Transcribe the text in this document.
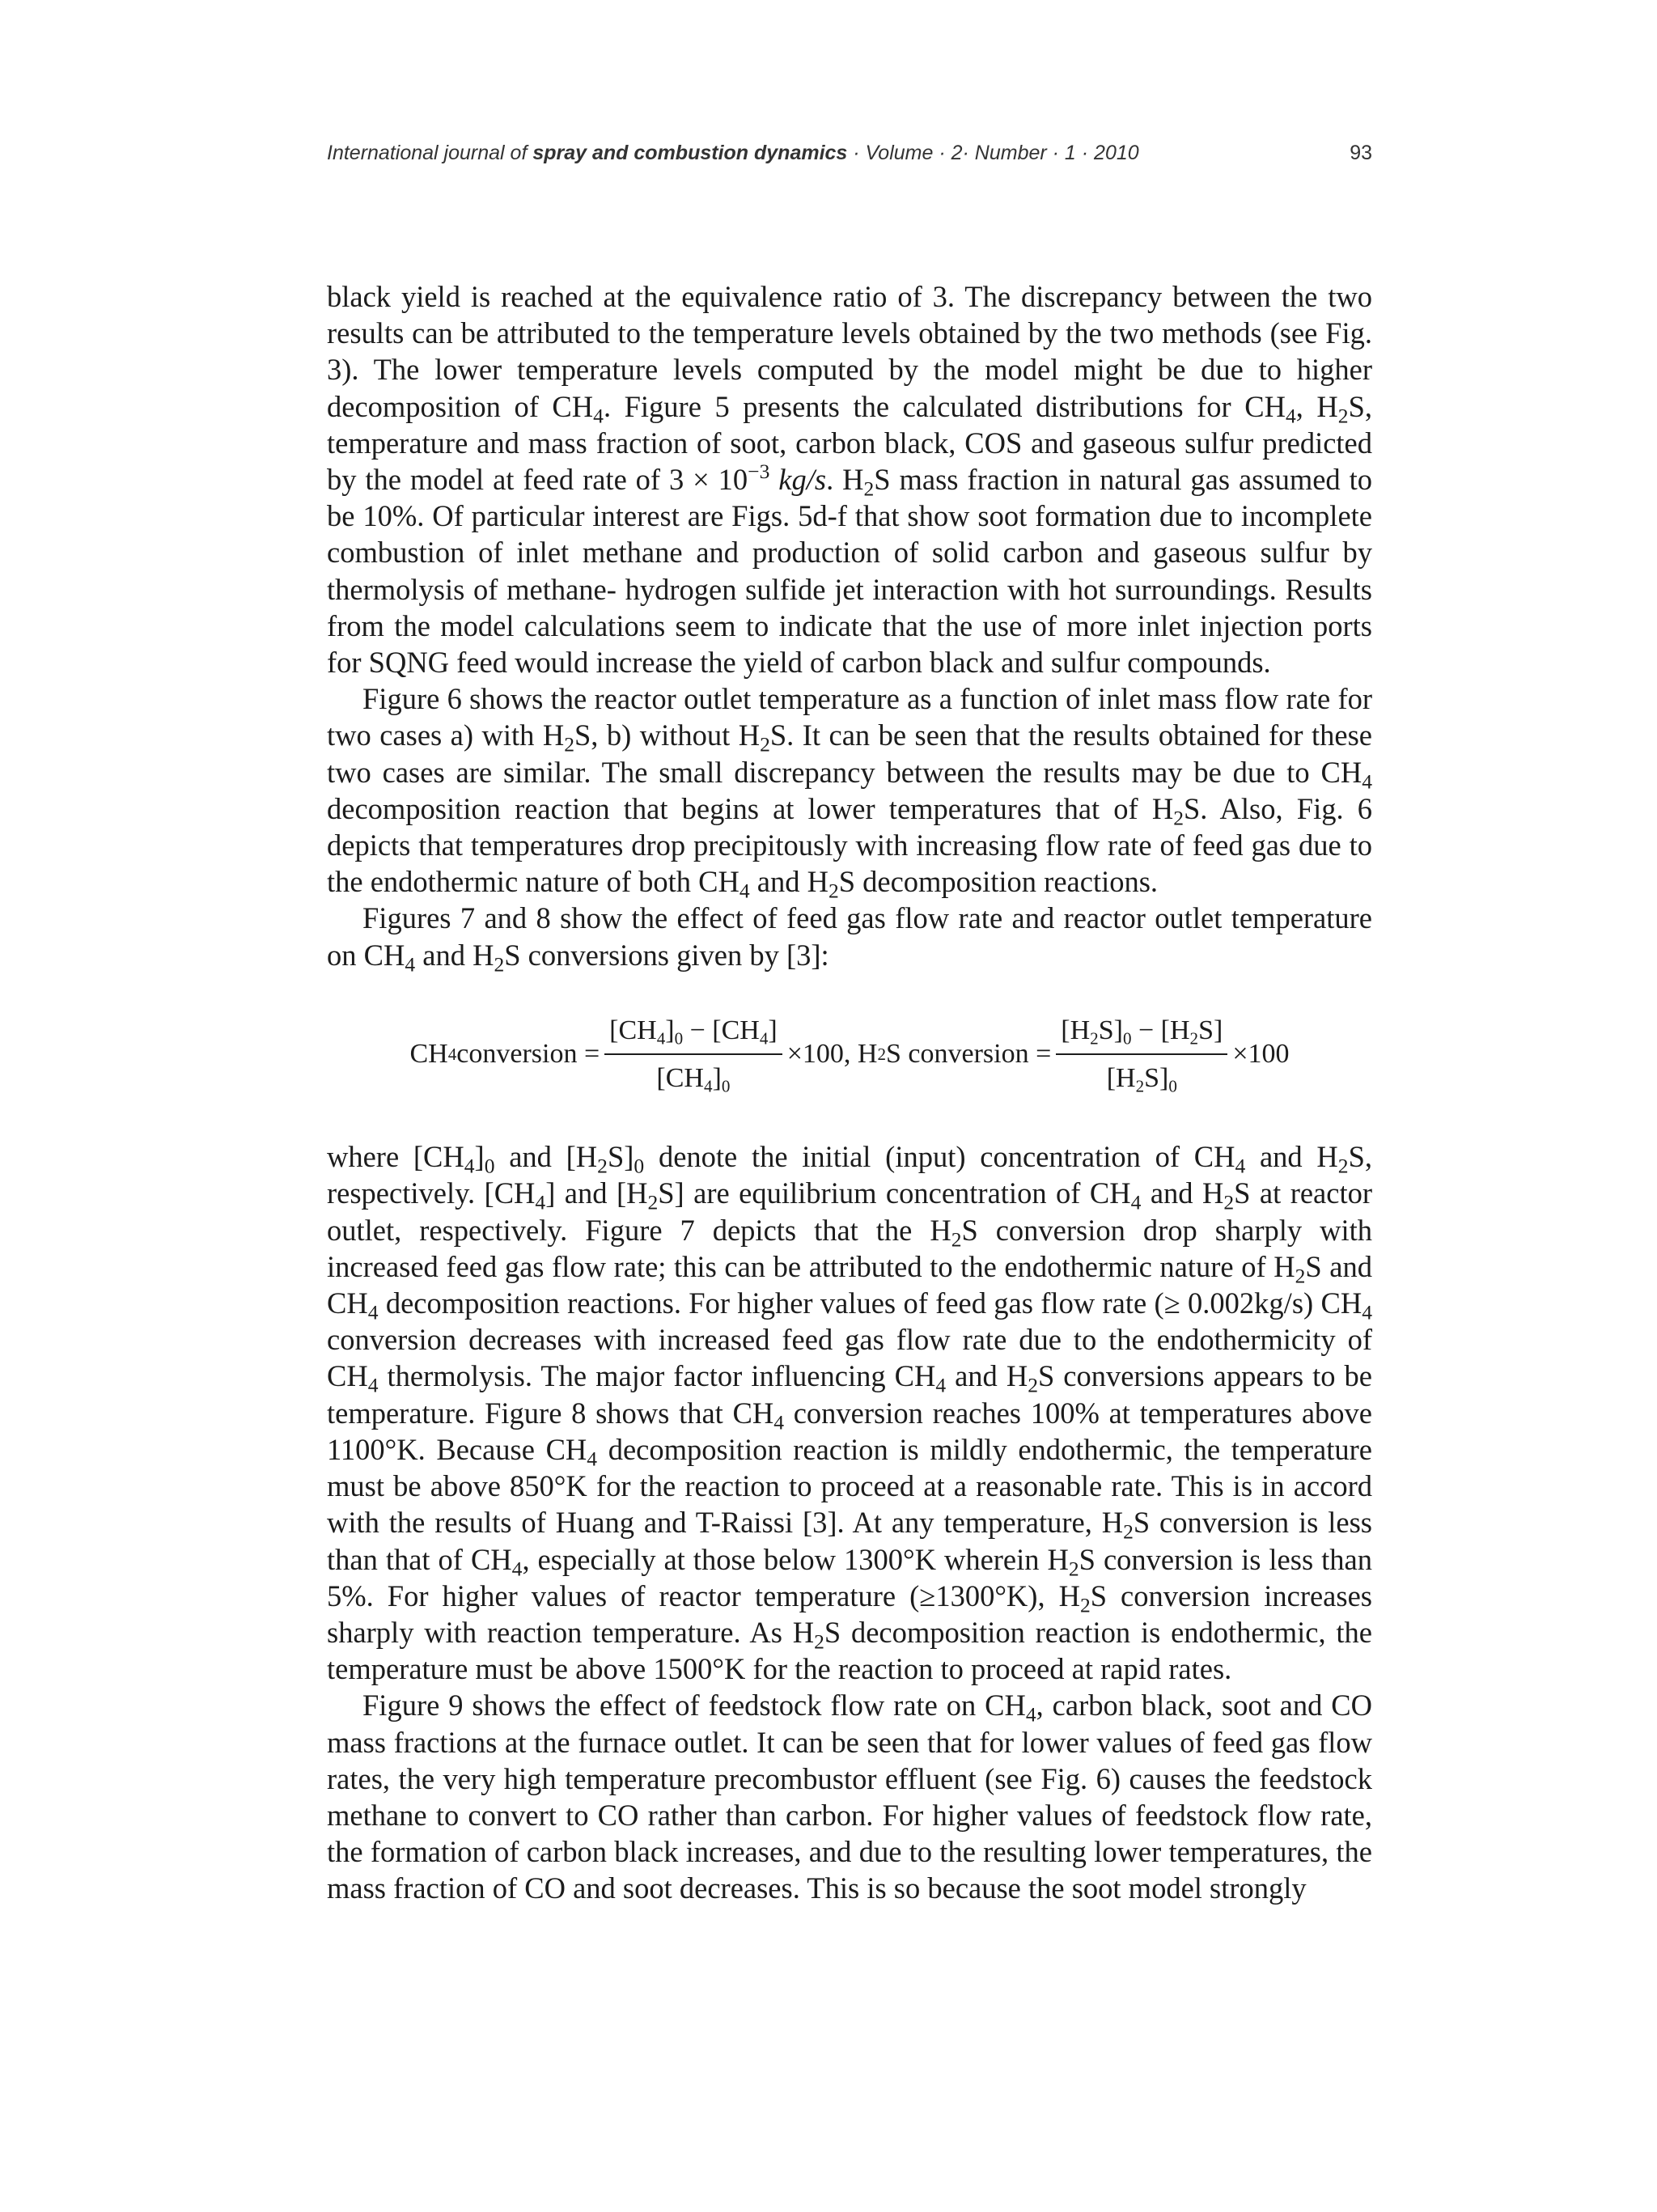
International journal of spray and combustion dynamics · Volume · 2· Number · 1 · 2010	93

black yield is reached at the equivalence ratio of 3. The discrepancy between the two results can be attributed to the temperature levels obtained by the two methods (see Fig. 3). The lower temperature levels computed by the model might be due to higher decomposition of $CH_4$. Figure 5 presents the calculated distributions for $CH_4$, $H_2S$, temperature and mass fraction of soot, carbon black, COS and gaseous sulfur predicted by the model at feed rate of $3 \times 10^{-3}$ kg/s. $H_2S$ mass fraction in natural gas assumed to be 10%. Of particular interest are Figs. 5d-f that show soot formation due to incomplete combustion of inlet methane and production of solid carbon and gaseous sulfur by thermolysis of methane- hydrogen sulfide jet interaction with hot surroundings. Results from the model calculations seem to indicate that the use of more inlet injection ports for SQNG feed would increase the yield of carbon black and sulfur compounds.

Figure 6 shows the reactor outlet temperature as a function of inlet mass flow rate for two cases a) with $H_2S$, b) without $H_2S$. It can be seen that the results obtained for these two cases are similar. The small discrepancy between the results may be due to $CH_4$ decomposition reaction that begins at lower temperatures that of $H_2S$. Also, Fig. 6 depicts that temperatures drop precipitously with increasing flow rate of feed gas due to the endothermic nature of both $CH_4$ and $H_2S$ decomposition reactions.

Figures 7 and 8 show the effect of feed gas flow rate and reactor outlet temperature on $CH_4$ and $H_2S$ conversions given by [3]:

CH 4 conversion = $\frac{[CH_4]_0 - [CH_4]}{[CH_4]_0} \times 100$, H 2 S conversion = $\frac{[H_2S]_0 - [H_2S]}{[H_2S]_0} \times 100$

where $[CH_4]_0$ and $[H_2S]_0$ denote the initial (input) concentration of $CH_4$ and $H_2S$, respectively. $[CH_4]$ and $[H_2S]$ are equilibrium concentration of $CH_4$ and $H_2S$ at reactor outlet, respectively. Figure 7 depicts that the $H_2S$ conversion drop sharply with increased feed gas flow rate; this can be attributed to the endothermic nature of $H_2S$ and $CH_4$ decomposition reactions. For higher values of feed gas flow rate (≥ 0.002kg/s) $CH_4$ conversion decreases with increased feed gas flow rate due to the endothermicity of $CH_4$ thermolysis. The major factor influencing $CH_4$ and $H_2S$ conversions appears to be temperature. Figure 8 shows that $CH_4$ conversion reaches 100% at temperatures above 1100°K. Because $CH_4$ decomposition reaction is mildly endothermic, the temperature must be above 850°K for the reaction to proceed at a reasonable rate. This is in accord with the results of Huang and T-Raissi [3]. At any temperature, $H_2S$ conversion is less than that of $CH_4$, especially at those below 1300°K wherein $H_2S$ conversion is less than 5%. For higher values of reactor temperature (≥1300°K), $H_2S$ conversion increases sharply with reaction temperature. As $H_2S$ decomposition reaction is endothermic, the temperature must be above 1500°K for the reaction to proceed at rapid rates.

Figure 9 shows the effect of feedstock flow rate on $CH_4$, carbon black, soot and CO mass fractions at the furnace outlet. It can be seen that for lower values of feed gas flow rates, the very high temperature precombustor effluent (see Fig. 6) causes the feedstock methane to convert to CO rather than carbon. For higher values of feedstock flow rate, the formation of carbon black increases, and due to the resulting lower temperatures, the mass fraction of CO and soot decreases. This is so because the soot model strongly
